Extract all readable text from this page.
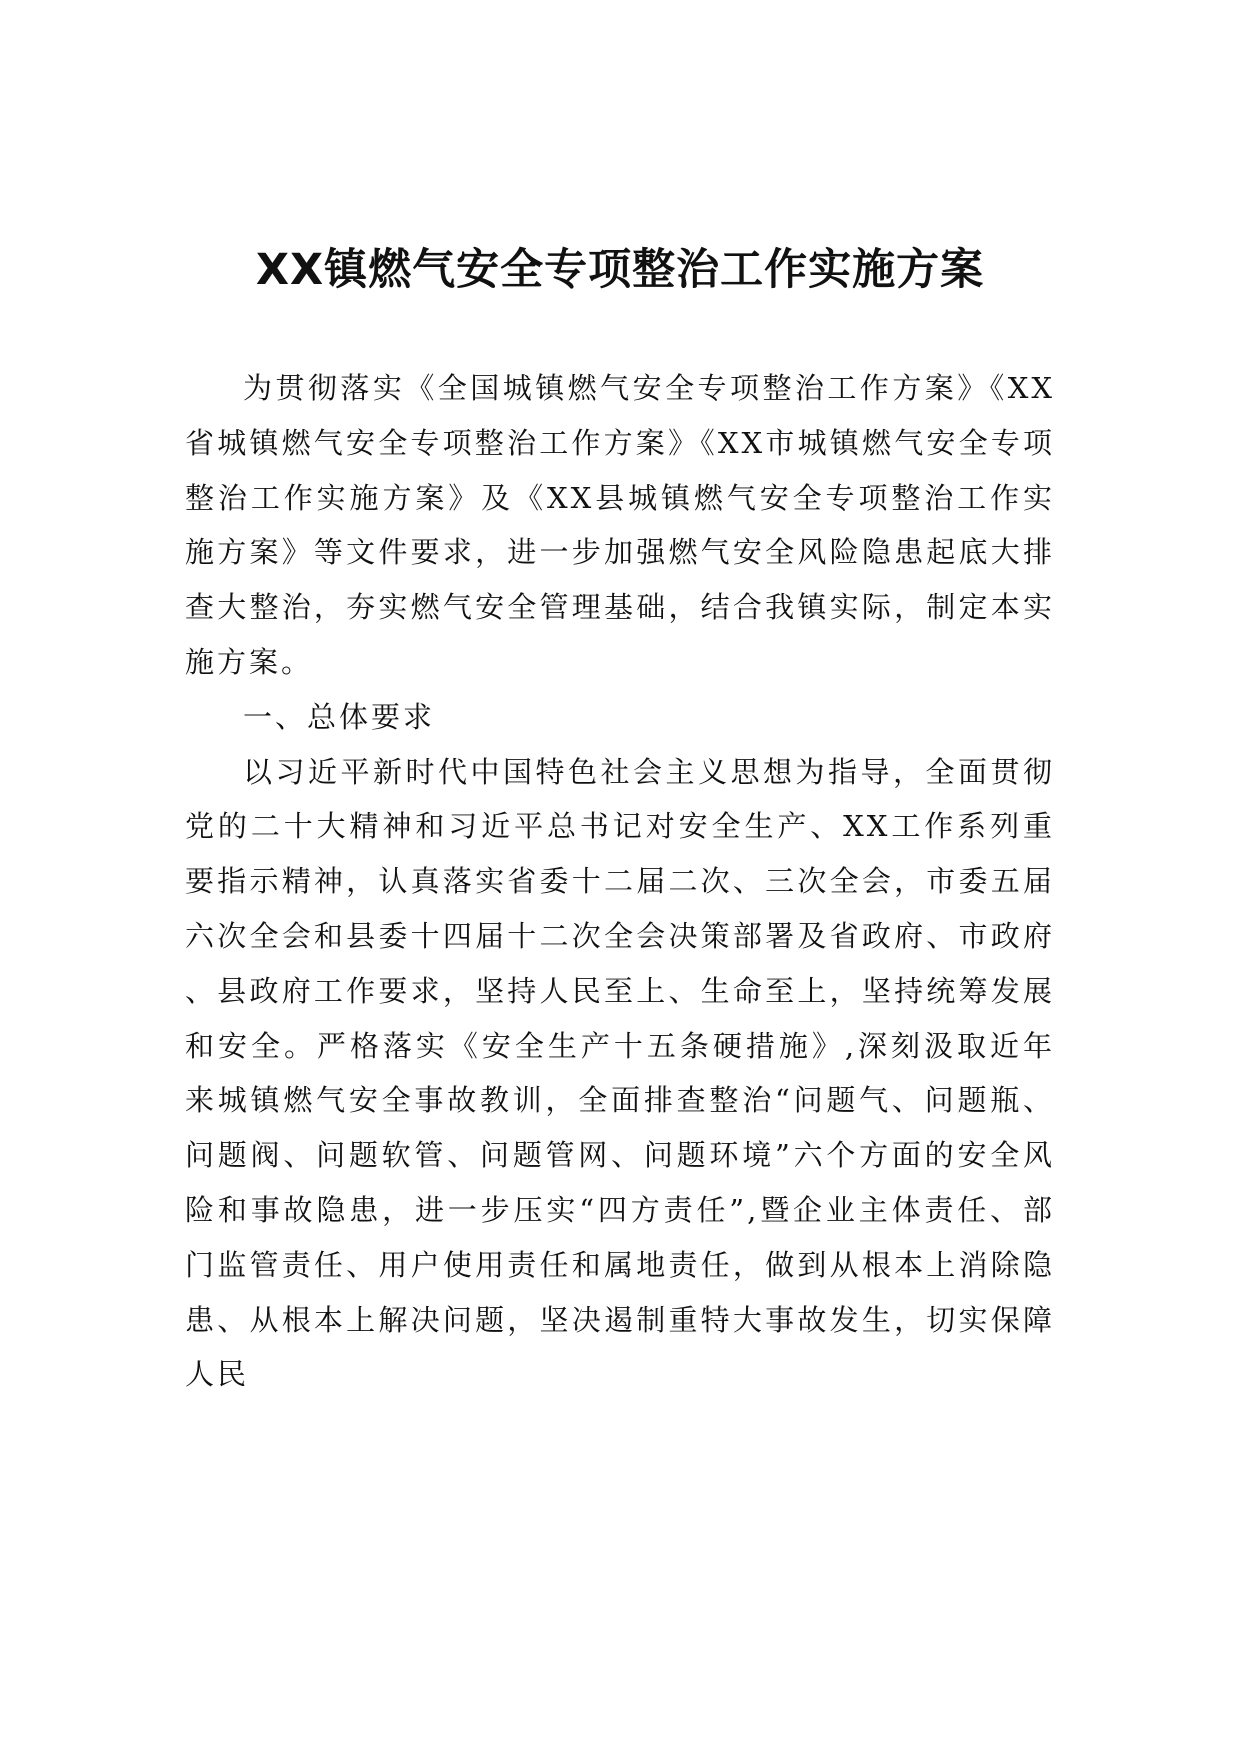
XX镇燃气安全专项整治工作实施方案

为贯彻落实《全国城镇燃气安全专项整治工作方案》《XX省城镇燃气安全专项整治工作方案》《XX市城镇燃气安全专项整治工作实施方案》及《XX县城镇燃气安全专项整治工作实施方案》等文件要求，进一步加强燃气安全风险隐患起底大排查大整治，夯实燃气安全管理基础，结合我镇实际，制定本实施方案。

一、总体要求

以习近平新时代中国特色社会主义思想为指导，全面贯彻党的二十大精神和习近平总书记对安全生产、XX工作系列重要指示精神，认真落实省委十二届二次、三次全会，市委五届六次全会和县委十四届十二次全会决策部署及省政府、市政府、县政府工作要求，坚持人民至上、生命至上，坚持统筹发展和安全。严格落实《安全生产十五条硬措施》,深刻汲取近年来城镇燃气安全事故教训，全面排查整治“问题气、问题瓶、问题阀、问题软管、问题管网、问题环境”六个方面的安全风险和事故隐患，进一步压实“四方责任”,暨企业主体责任、部门监管责任、用户使用责任和属地责任，做到从根本上消除隐患、从根本上解决问题，坚决遏制重特大事故发生，切实保障人民
